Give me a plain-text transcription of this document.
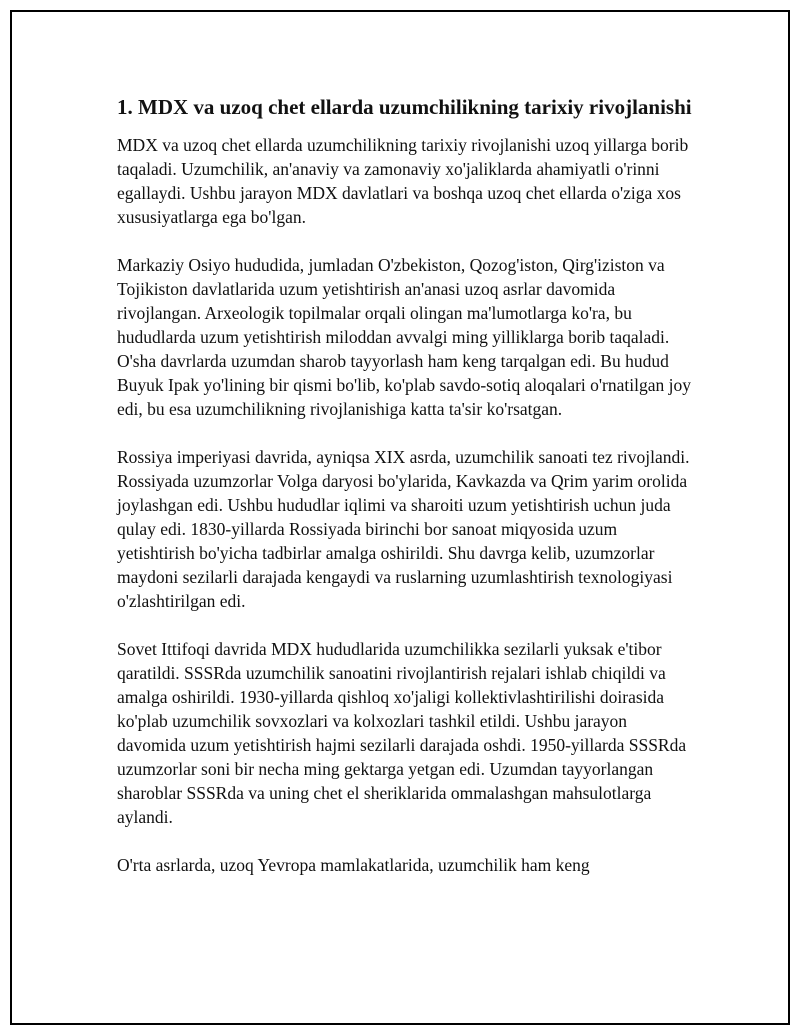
1. MDX va uzoq chet ellarda uzumchilikning tarixiy rivojlanishi

MDX va uzoq chet ellarda uzumchilikning tarixiy rivojlanishi uzoq yillarga borib taqaladi. Uzumchilik, an'anaviy va zamonaviy xo'jaliklarda ahamiyatli o'rinni egallaydi. Ushbu jarayon MDX davlatlari va boshqa uzoq chet ellarda o'ziga xos xususiyatlarga ega bo'lgan.

Markaziy Osiyo hududida, jumladan O'zbekiston, Qozog'iston, Qirg'iziston va Tojikiston davlatlarida uzum yetishtirish an'anasi uzoq asrlar davomida rivojlangan. Arxeologik topilmalar orqali olingan ma'lumotlarga ko'ra, bu hududlarda uzum yetishtirish miloddan avvalgi ming yilliklarga borib taqaladi. O'sha davrlarda uzumdan sharob tayyorlash ham keng tarqalgan edi. Bu hudud Buyuk Ipak yo'lining bir qismi bo'lib, ko'plab savdo-sotiq aloqalari o'rnatilgan joy edi, bu esa uzumchilikning rivojlanishiga katta ta'sir ko'rsatgan.

Rossiya imperiyasi davrida, ayniqsa XIX asrda, uzumchilik sanoati tez rivojlandi. Rossiyada uzumzorlar Volga daryosi bo'ylarida, Kavkazda va Qrim yarim orolida joylashgan edi. Ushbu hududlar iqlimi va sharoiti uzum yetishtirish uchun juda qulay edi. 1830-yillarda Rossiyada birinchi bor sanoat miqyosida uzum yetishtirish bo'yicha tadbirlar amalga oshirildi. Shu davrga kelib, uzumzorlar maydoni sezilarli darajada kengaydi va ruslarning uzumlashtirish texnologiyasi o'zlashtirilgan edi.

Sovet Ittifoqi davrida MDX hududlarida uzumchilikka sezilarli yuksak e'tibor qaratildi. SSSRda uzumchilik sanoatini rivojlantirish rejalari ishlab chiqildi va amalga oshirildi. 1930-yillarda qishloq xo'jaligi kollektivlashtirilishi doirasida ko'plab uzumchilik sovxozlari va kolxozlari tashkil etildi. Ushbu jarayon davomida uzum yetishtirish hajmi sezilarli darajada oshdi. 1950-yillarda SSSRda uzumzorlar soni bir necha ming gektarga yetgan edi. Uzumdan tayyorlangan sharoblar SSSRda va uning chet el sheriklarida ommalashgan mahsulotlarga aylandi.

O'rta asrlarda, uzoq Yevropa mamlakatlarida, uzumchilik ham keng
